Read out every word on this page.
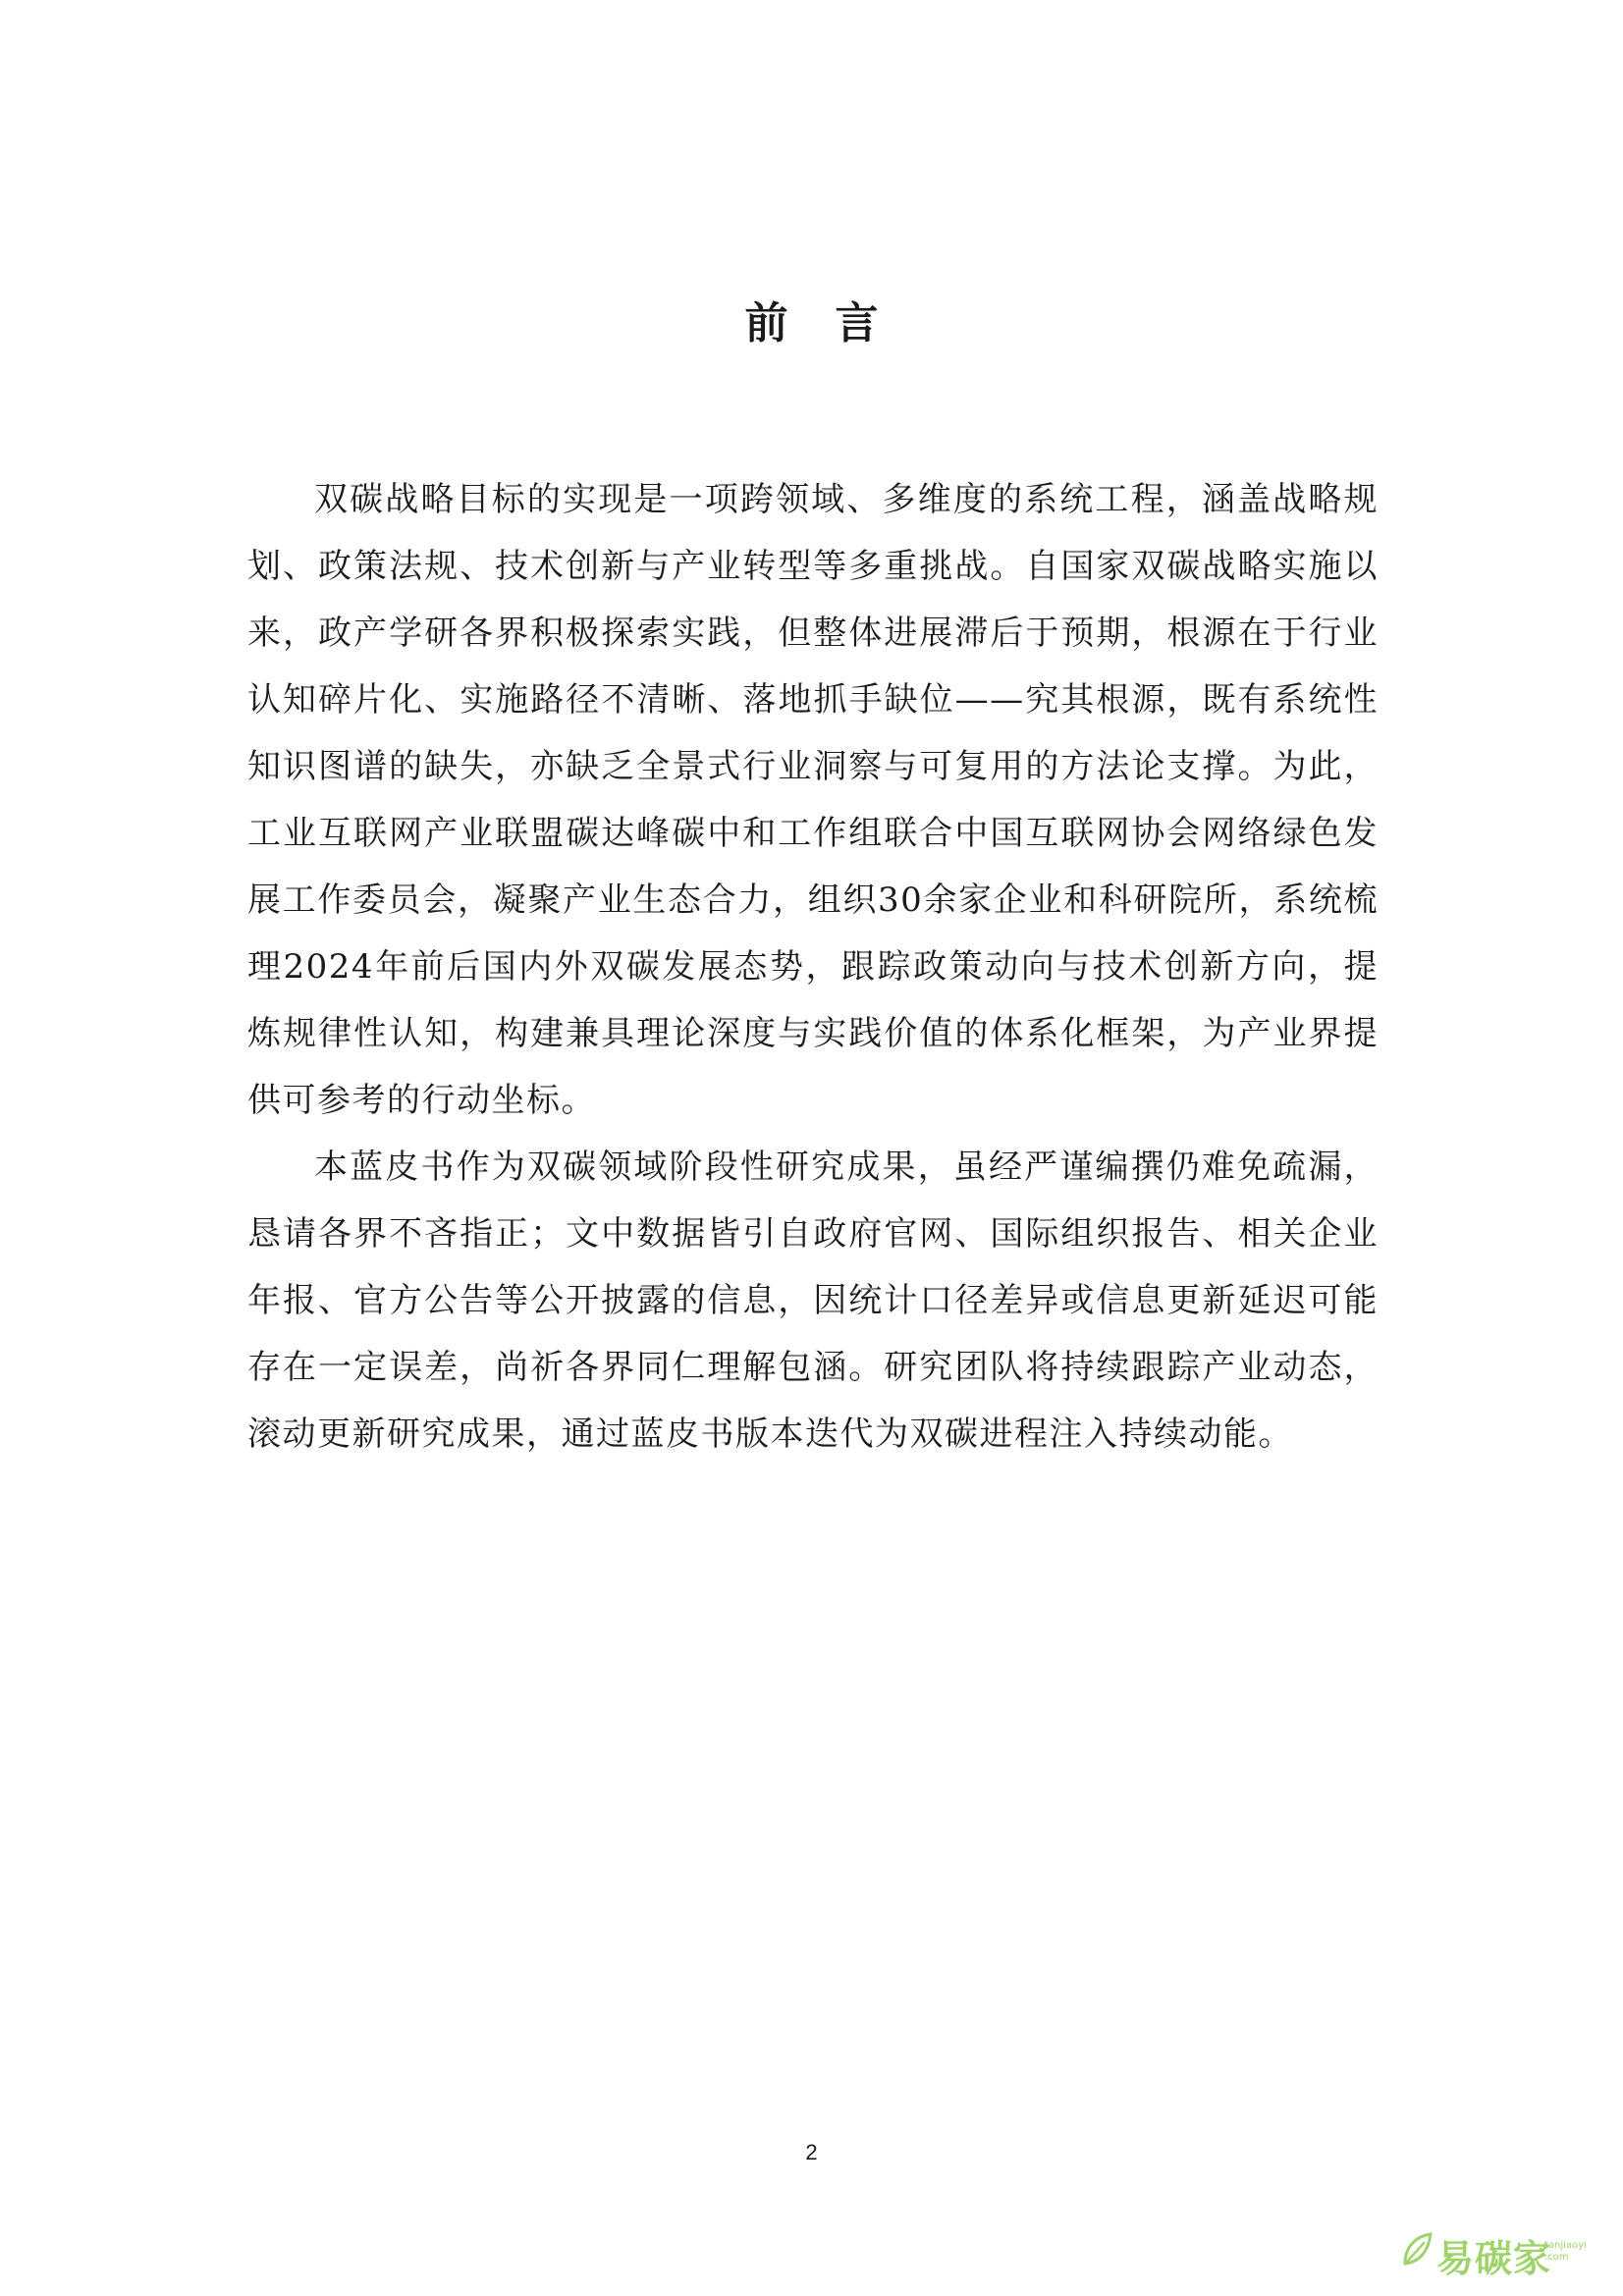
前言

双碳战略目标的实现是一项跨领域、多维度的系统工程，涵盖战略规划、政策法规、技术创新与产业转型等多重挑战。自国家双碳战略实施以来，政产学研各界积极探索实践，但整体进展滞后于预期，根源在于行业认知碎片化、实施路径不清晰、落地抓手缺位——究其根源，既有系统性知识图谱的缺失，亦缺乏全景式行业洞察与可复用的方法论支撑。为此，工业互联网产业联盟碳达峰碳中和工作组联合中国互联网协会网络绿色发展工作委员会，凝聚产业生态合力，组织30余家企业和科研院所，系统梳理2024年前后国内外双碳发展态势，跟踪政策动向与技术创新方向，提炼规律性认知，构建兼具理论深度与实践价值的体系化框架，为产业界提供可参考的行动坐标。

本蓝皮书作为双碳领域阶段性研究成果，虽经严谨编撰仍难免疏漏，恳请各界不吝指正；文中数据皆引自政府官网、国际组织报告、相关企业年报、官方公告等公开披露的信息，因统计口径差异或信息更新延迟可能存在一定误差，尚祈各界同仁理解包涵。研究团队将持续跟踪产业动态，滚动更新研究成果，通过蓝皮书版本迭代为双碳进程注入持续动能。

2
易碳家
tanjiaoyi
.com
